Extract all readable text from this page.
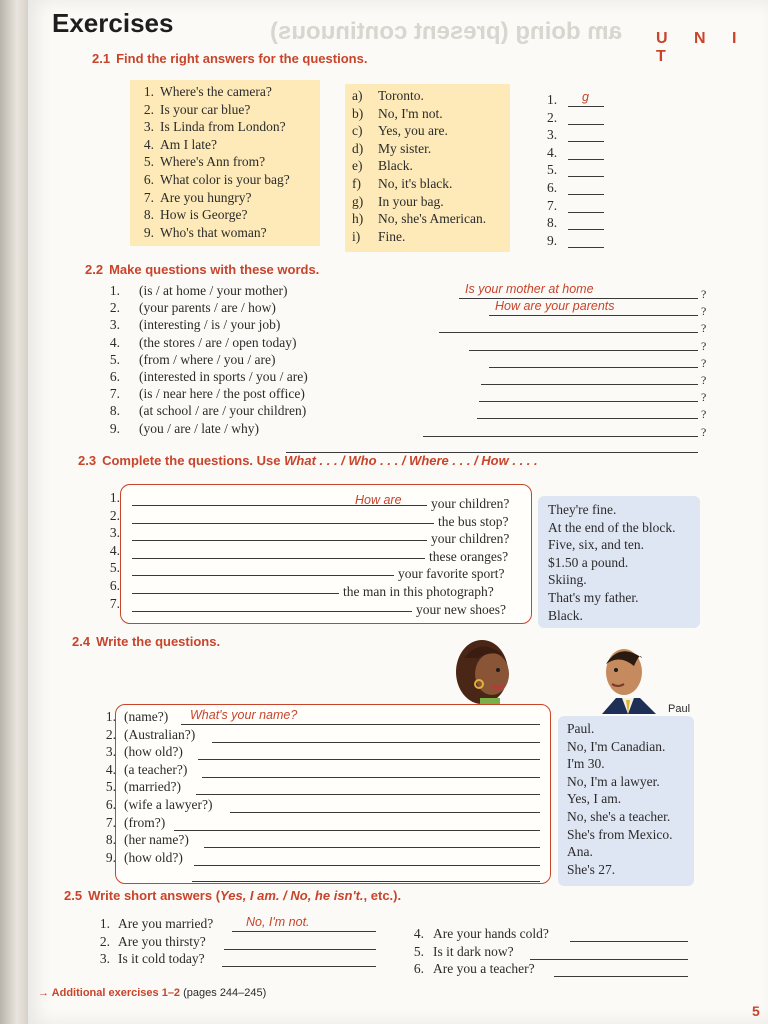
am doing (present continuous)
Exercises
U N I T
2.1 Find the right answers for the questions.
1. Where's the camera?
2. Is your car blue?
3. Is Linda from London?
4. Am I late?
5. Where's Ann from?
6. What color is your bag?
7. Are you hungry?
8. How is George?
9. Who's that woman?
a) Toronto.
b) No, I'm not.
c) Yes, you are.
d) My sister.
e) Black.
f) No, it's black.
g) In your bag.
h) No, she's American.
i) Fine.
1. g
2.
3.
4.
5.
6.
7.
8.
9.
2.2 Make questions with these words.
1.	(is / at home / your mother)	?
Is your mother at home
2.	(your parents / are / how)	?
How are your parents
3.	(interesting / is / your job)	?
4.	(the stores / are / open today)	?
5.	(from / where / you / are)	?
6.	(interested in sports / you / are)	?
7.	(is / near here / the post office)	?
8.	(at school / are / your children)	?
9.	(you / are / late / why)	?
2.3 Complete the questions. Use What . . . / Who . . . / Where . . . / How . . . .
1.	your children?
How are
2.	the bus stop?
3.	your children?
4.	these oranges?
5.	your favorite sport?
6.	the man in this photograph?
7.	your new shoes?
They're fine.
At the end of the block.
Five, six, and ten.
$1.50 a pound.
Skiing.
That's my father.
Black.
2.4 Write the questions.
Paul
1. (name?) What's your name?
2. (Australian?)
3. (how old?)
4. (a teacher?)
5. (married?)
6. (wife a lawyer?)
7. (from?)
8. (her name?)
9. (how old?)
Paul.
No, I'm Canadian.
I'm 30.
No, I'm a lawyer.
Yes, I am.
No, she's a teacher.
She's from Mexico.
Ana.
She's 27.
2.5 Write short answers (Yes, I am. / No, he isn't., etc.).
1. Are you married?	No, I'm not.
2. Are you thirsty?
3. Is it cold today?
4. Are your hands cold?
5. Is it dark now?
6. Are you a teacher?
→ Additional exercises 1–2 (pages 244–245)
5
